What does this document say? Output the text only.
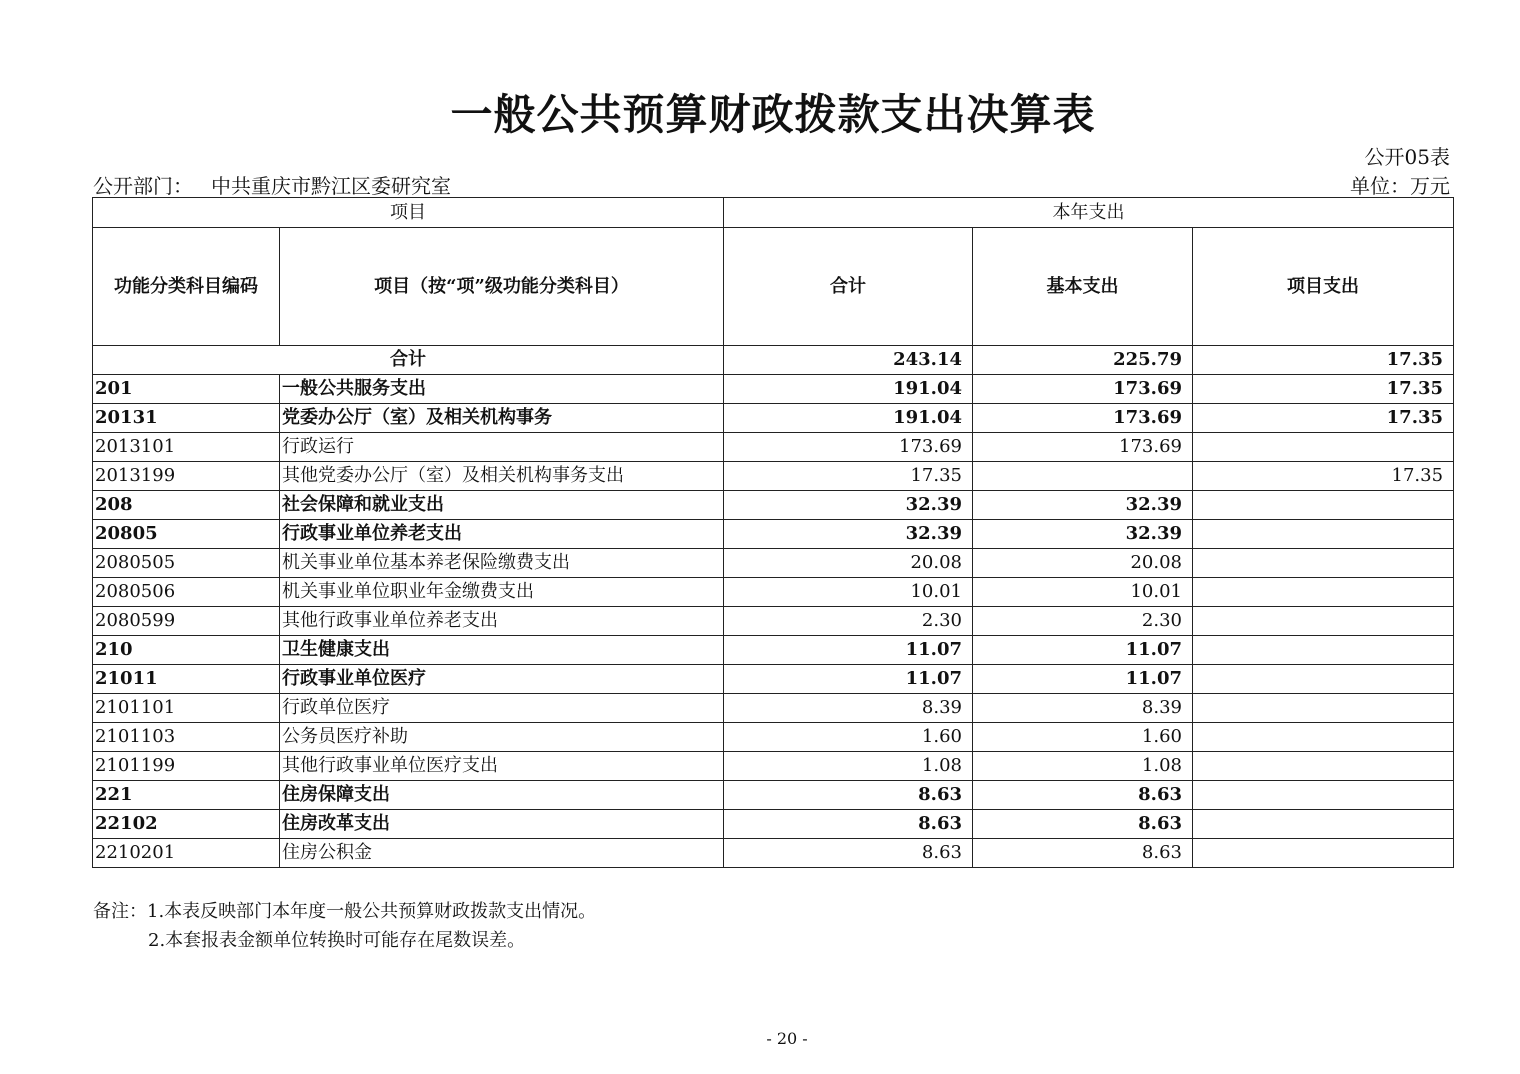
一般公共预算财政拨款支出决算表
公开05表
公开部门： 中共重庆市黔江区委研究室	单位：万元
项目		本年支出		
功能分类科目编码	项目（按“项”级功能分类科目）	合计	基本支出	项目支出
合计		243.14	225.79	17.35
201	一般公共服务支出	191.04	173.69	17.35
20131	党委办公厅（室）及相关机构事务	191.04	173.69	17.35
2013101	行政运行	173.69	173.69	
2013199	其他党委办公厅（室）及相关机构事务支出	17.35		17.35
208	社会保障和就业支出	32.39	32.39	
20805	行政事业单位养老支出	32.39	32.39	
2080505	机关事业单位基本养老保险缴费支出	20.08	20.08	
2080506	机关事业单位职业年金缴费支出	10.01	10.01	
2080599	其他行政事业单位养老支出	2.30	2.30	
210	卫生健康支出	11.07	11.07	
21011	行政事业单位医疗	11.07	11.07	
2101101	行政单位医疗	8.39	8.39	
2101103	公务员医疗补助	1.60	1.60	
2101199	其他行政事业单位医疗支出	1.08	1.08	
221	住房保障支出	8.63	8.63	
22102	住房改革支出	8.63	8.63	
2210201	住房公积金	8.63	8.63	
备注：1.本表反映部门本年度一般公共预算财政拨款支出情况。
2.本套报表金额单位转换时可能存在尾数误差。
- 20 -
